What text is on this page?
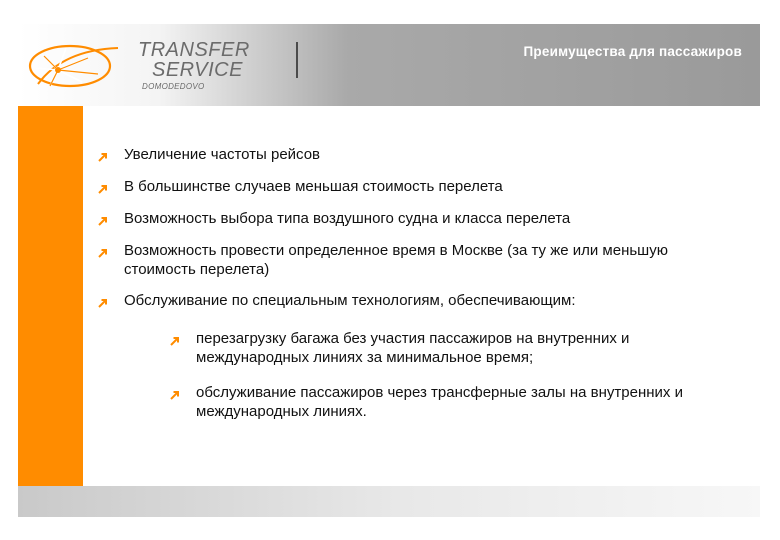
TRANSFER
SERVICE
DOMODEDOVO
Преимущества для пассажиров
Увеличение частоты рейсов
В большинстве случаев меньшая стоимость перелета
Возможность выбора типа воздушного судна и класса перелета
Возможность провести определенное время в Москве (за ту же или меньшую стоимость перелета)
Обслуживание по специальным технологиям, обеспечивающим:
перезагрузку багажа без участия пассажиров на внутренних и международных линиях за минимальное время;
обслуживание пассажиров через трансферные залы на внутренних и международных линиях.
